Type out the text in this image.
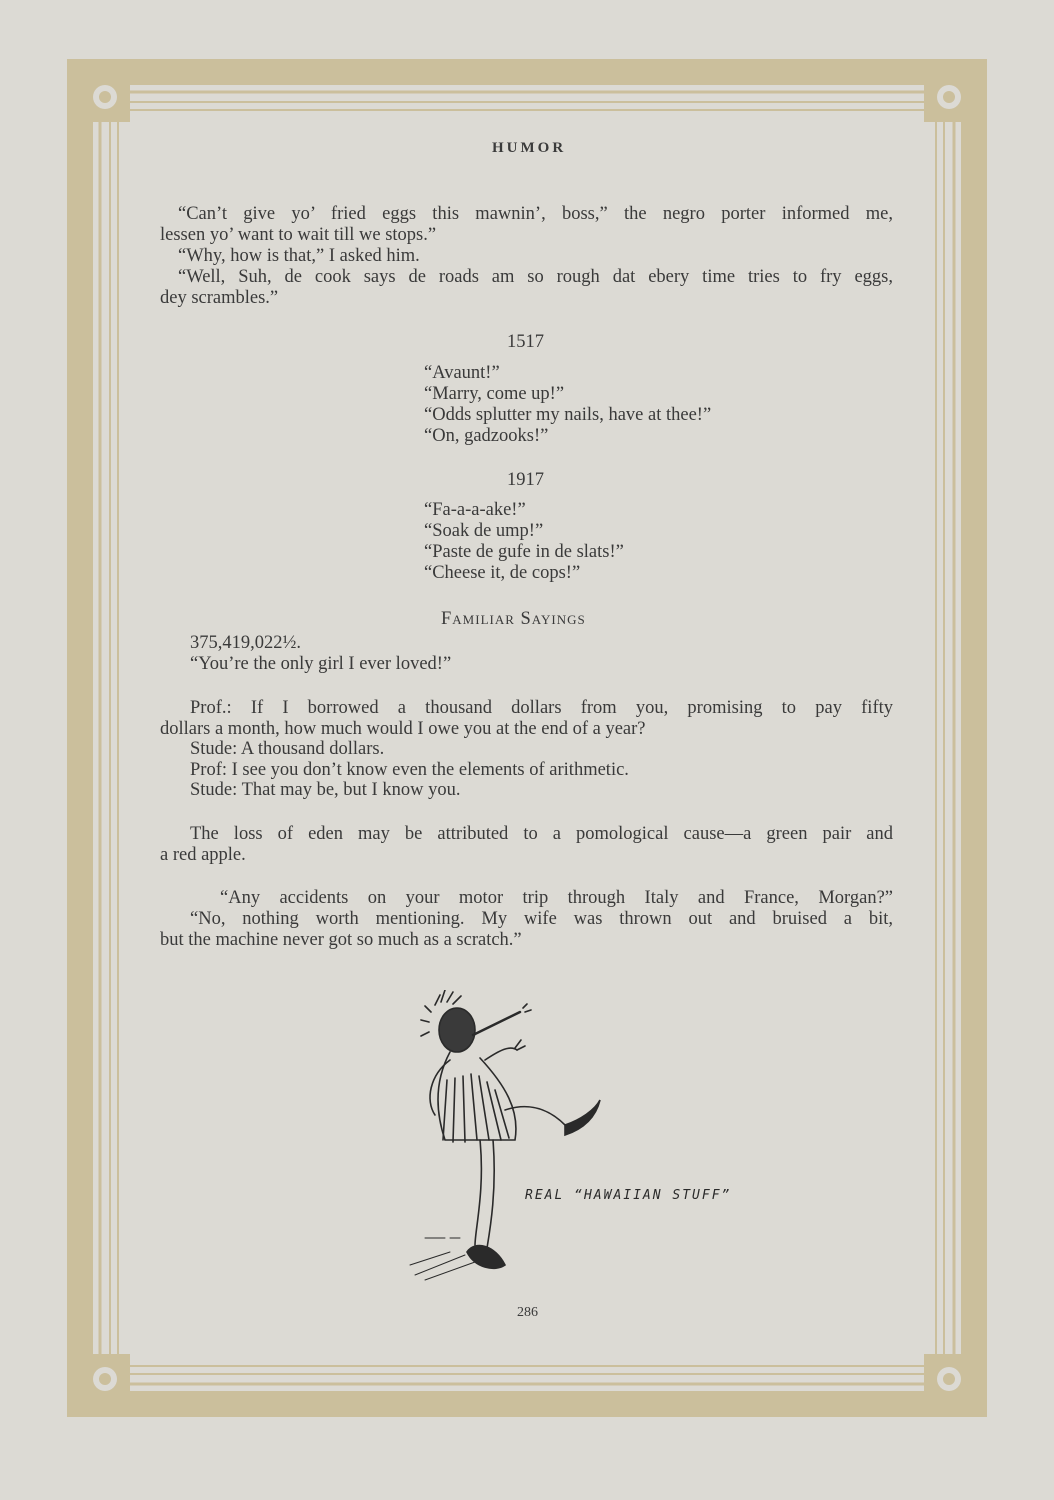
HUMOR

“Can’t give yo’ fried eggs this mawnin’, boss,” the negro porter informed me,

lessen yo’ want to wait till we stops.”

“Why, how is that,” I asked him.

“Well, Suh, de cook says de roads am so rough dat ebery time tries to fry eggs,

dey scrambles.”

1517

“Avaunt!”

“Marry, come up!”

“Odds splutter my nails, have at thee!”

“On, gadzooks!”

1917

“Fa-a-a-ake!”

“Soak de ump!”

“Paste de gufe in de slats!”

“Cheese it, de cops!”

Familiar Sayings

375,419,022½.

“You’re the only girl I ever loved!”

Prof.: If I borrowed a thousand dollars from you, promising to pay fifty

dollars a month, how much would I owe you at the end of a year?

Stude: A thousand dollars.

Prof: I see you don’t know even the elements of arithmetic.

Stude: That may be, but I know you.

The loss of eden may be attributed to a pomological cause—a green pair and

a red apple.

“Any accidents on your motor trip through Italy and France, Morgan?”

“No, nothing worth mentioning. My wife was thrown out and bruised a bit,

but the machine never got so much as a scratch.”

REAL “HAWAIIAN STUFF”
286
